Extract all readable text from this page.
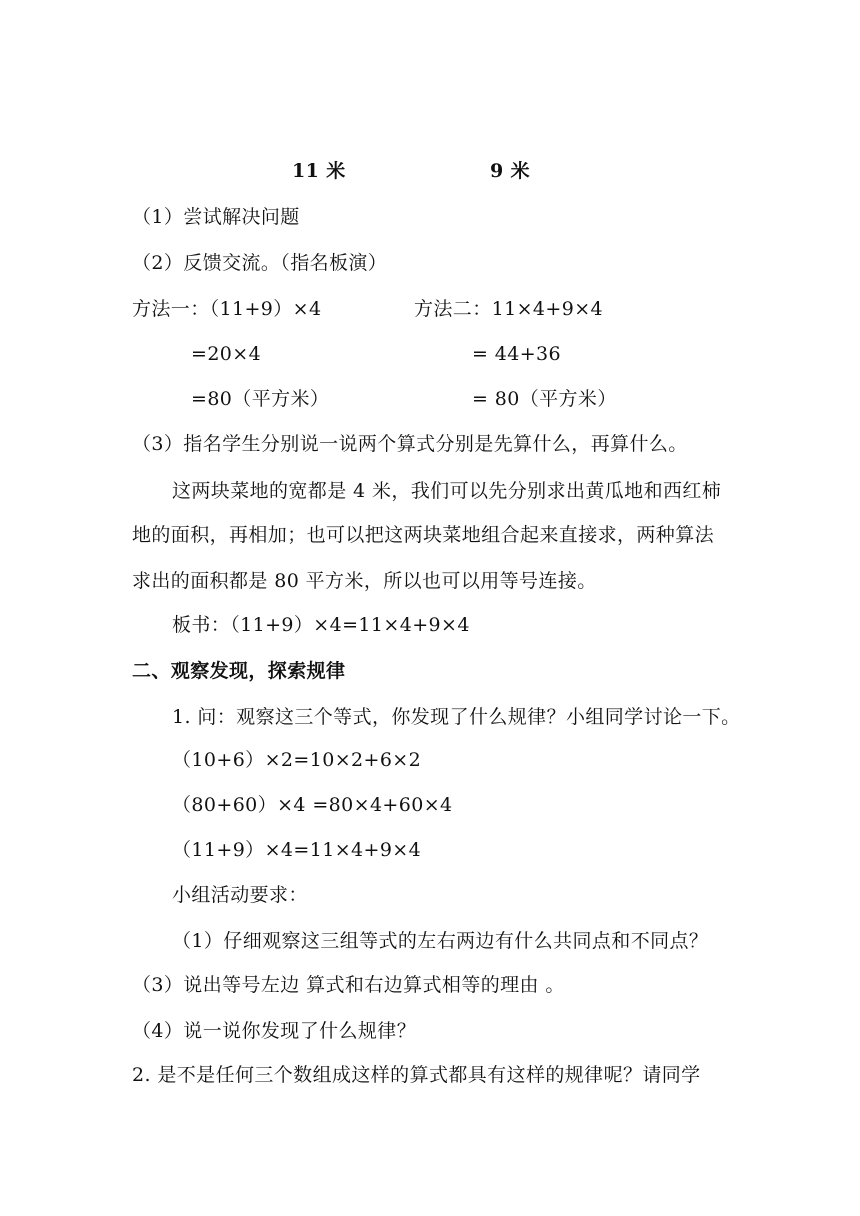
11 米	9 米
（1）尝试解决问题
（2）反馈交流。（指名板演）
方法一：（11+9）×4	方法二：11×4+9×4
=20×4	= 44+36
=80（平方米）	= 80（平方米）
（3）指名学生分别说一说两个算式分别是先算什么，再算什么。
这两块菜地的宽都是 4 米，我们可以先分别求出黄瓜地和西红柿
地的面积，再相加；也可以把这两块菜地组合起来直接求，两种算法
求出的面积都是 80 平方米，所以也可以用等号连接。
板书：（11+9）×4=11×4+9×4
二、观察发现，探索规律
1. 问：观察这三个等式，你发现了什么规律？小组同学讨论一下。
（10+6）×2=10×2+6×2
（80+60）×4 =80×4+60×4
（11+9）×4=11×4+9×4
小组活动要求：
（1）仔细观察这三组等式的左右两边有什么共同点和不同点？
（3）说出等号左边 算式和右边算式相等的理由 。
（4）说一说你发现了什么规律？
2. 是不是任何三个数组成这样的算式都具有这样的规律呢？请同学
